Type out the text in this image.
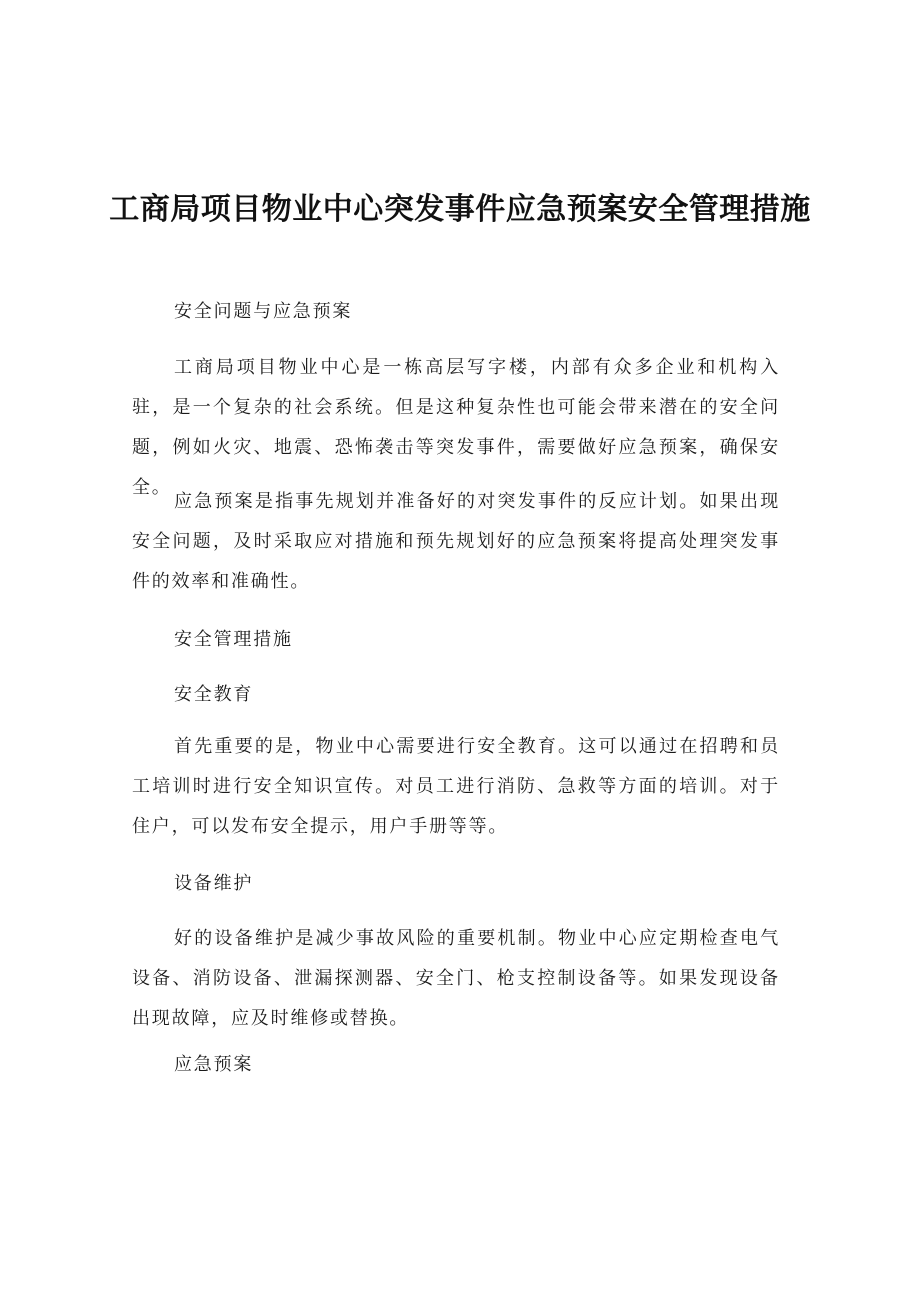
工商局项目物业中心突发事件应急预案安全管理措施

安全问题与应急预案

工商局项目物业中心是一栋高层写字楼，内部有众多企业和机构入驻，是一个复杂的社会系统。但是这种复杂性也可能会带来潜在的安全问题，例如火灾、地震、恐怖袭击等突发事件，需要做好应急预案，确保安全。

应急预案是指事先规划并准备好的对突发事件的反应计划。如果出现安全问题，及时采取应对措施和预先规划好的应急预案将提高处理突发事件的效率和准确性。

安全管理措施

安全教育

首先重要的是，物业中心需要进行安全教育。这可以通过在招聘和员工培训时进行安全知识宣传。对员工进行消防、急救等方面的培训。对于住户，可以发布安全提示，用户手册等等。

设备维护

好的设备维护是减少事故风险的重要机制。物业中心应定期检查电气设备、消防设备、泄漏探测器、安全门、枪支控制设备等。如果发现设备出现故障，应及时维修或替换。

应急预案
